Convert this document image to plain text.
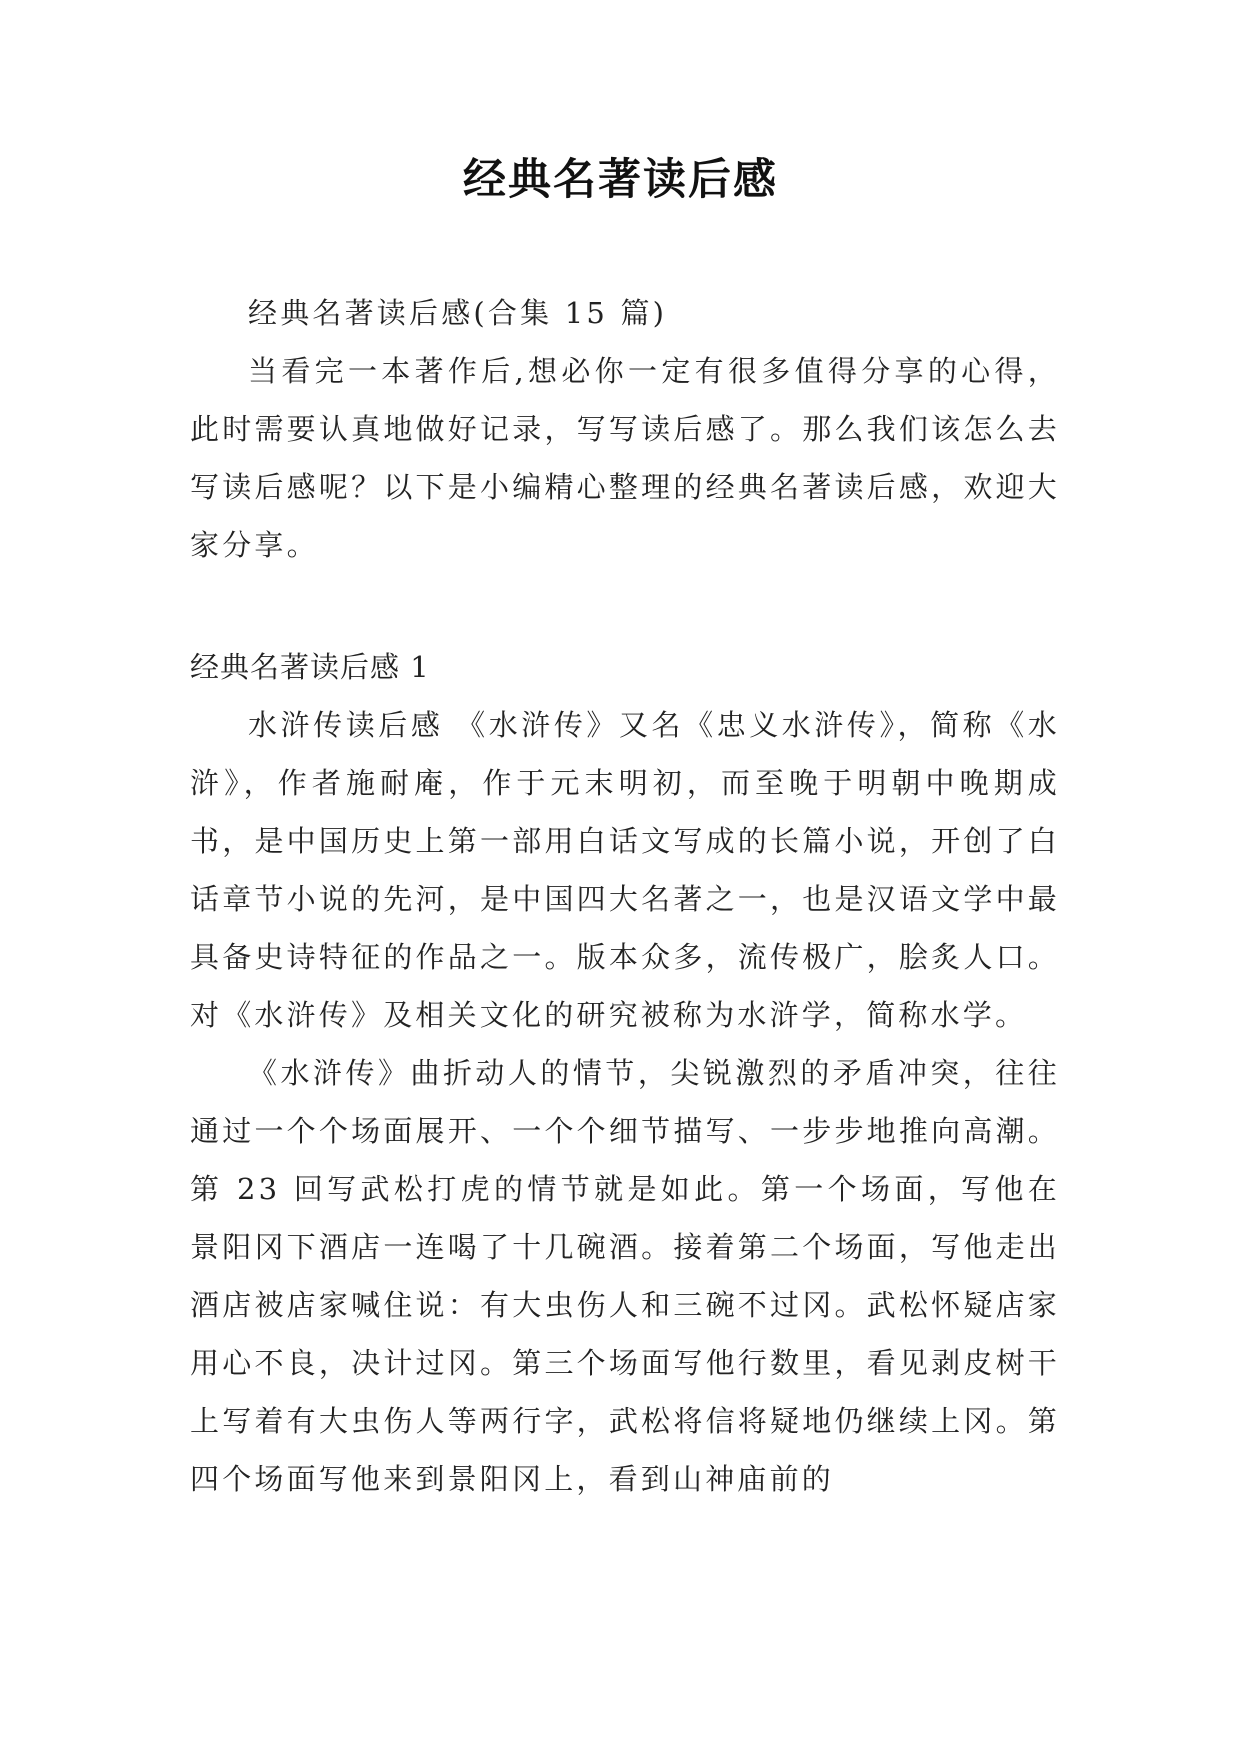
经典名著读后感

经典名著读后感(合集 15 篇)

当看完一本著作后,想必你一定有很多值得分享的心得，此时需要认真地做好记录，写写读后感了。那么我们该怎么去写读后感呢？以下是小编精心整理的经典名著读后感，欢迎大家分享。

经典名著读后感 1

水浒传读后感 《水浒传》又名《忠义水浒传》，简称《水浒》，作者施耐庵，作于元末明初，而至晚于明朝中晚期成书，是中国历史上第一部用白话文写成的长篇小说，开创了白话章节小说的先河，是中国四大名著之一，也是汉语文学中最具备史诗特征的作品之一。版本众多，流传极广，脍炙人口。对《水浒传》及相关文化的研究被称为水浒学，简称水学。

《水浒传》曲折动人的情节，尖锐激烈的矛盾冲突，往往通过一个个场面展开、一个个细节描写、一步步地推向高潮。第 23 回写武松打虎的情节就是如此。第一个场面，写他在景阳冈下酒店一连喝了十几碗酒。接着第二个场面，写他走出酒店被店家喊住说：有大虫伤人和三碗不过冈。武松怀疑店家用心不良，决计过冈。第三个场面写他行数里，看见剥皮树干上写着有大虫伤人等两行字，武松将信将疑地仍继续上冈。第四个场面写他来到景阳冈上，看到山神庙前的
